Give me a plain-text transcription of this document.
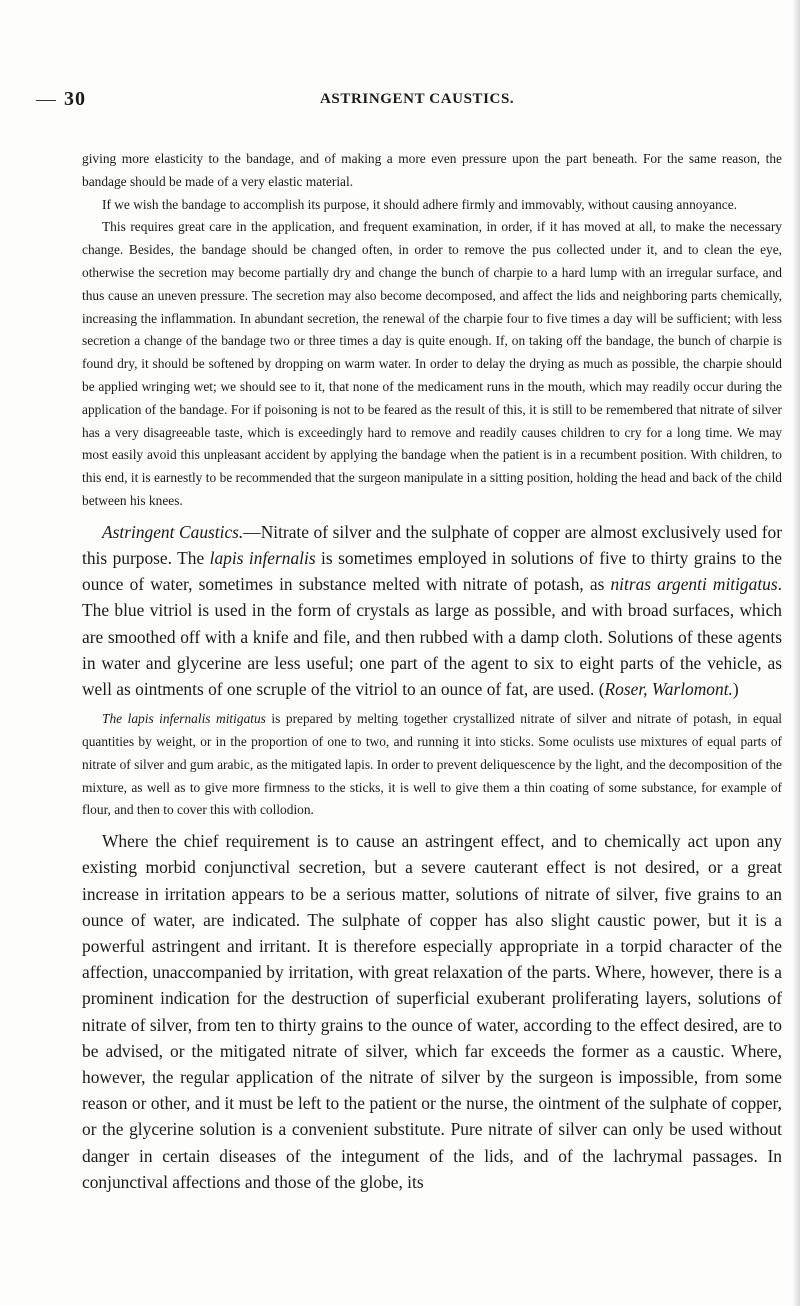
30	ASTRINGENT CAUSTICS.

giving more elasticity to the bandage, and of making a more even pressure upon the part beneath. For the same reason, the bandage should be made of a very elastic material.

If we wish the bandage to accomplish its purpose, it should adhere firmly and immovably, without causing annoyance.

This requires great care in the application, and frequent examination, in order, if it has moved at all, to make the necessary change. Besides, the bandage should be changed often, in order to remove the pus collected under it, and to clean the eye, otherwise the secretion may become partially dry and change the bunch of charpie to a hard lump with an irregular surface, and thus cause an uneven pressure. The secretion may also become decomposed, and affect the lids and neighboring parts chemically, increasing the inflammation. In abundant secretion, the renewal of the charpie four to five times a day will be sufficient; with less secretion a change of the bandage two or three times a day is quite enough. If, on taking off the bandage, the bunch of charpie is found dry, it should be softened by dropping on warm water. In order to delay the drying as much as possible, the charpie should be applied wringing wet; we should see to it, that none of the medicament runs in the mouth, which may readily occur during the application of the bandage. For if poisoning is not to be feared as the result of this, it is still to be remembered that nitrate of silver has a very disagreeable taste, which is exceedingly hard to remove and readily causes children to cry for a long time. We may most easily avoid this unpleasant accident by applying the bandage when the patient is in a recumbent position. With children, to this end, it is earnestly to be recommended that the surgeon manipulate in a sitting position, holding the head and back of the child between his knees.

Astringent Caustics.—Nitrate of silver and the sulphate of copper are almost exclusively used for this purpose. The lapis infernalis is sometimes employed in solutions of five to thirty grains to the ounce of water, sometimes in substance melted with nitrate of potash, as nitras argenti mitigatus. The blue vitriol is used in the form of crystals as large as possible, and with broad surfaces, which are smoothed off with a knife and file, and then rubbed with a damp cloth. Solutions of these agents in water and glycerine are less useful; one part of the agent to six to eight parts of the vehicle, as well as ointments of one scruple of the vitriol to an ounce of fat, are used. (Roser, Warlomont.)

The lapis infernalis mitigatus is prepared by melting together crystallized nitrate of silver and nitrate of potash, in equal quantities by weight, or in the proportion of one to two, and running it into sticks. Some oculists use mixtures of equal parts of nitrate of silver and gum arabic, as the mitigated lapis. In order to prevent deliquescence by the light, and the decomposition of the mixture, as well as to give more firmness to the sticks, it is well to give them a thin coating of some substance, for example of flour, and then to cover this with collodion.

Where the chief requirement is to cause an astringent effect, and to chemically act upon any existing morbid conjunctival secretion, but a severe cauterant effect is not desired, or a great increase in irritation appears to be a serious matter, solutions of nitrate of silver, five grains to an ounce of water, are indicated. The sulphate of copper has also slight caustic power, but it is a powerful astringent and irritant. It is therefore especially appropriate in a torpid character of the affection, unaccompanied by irritation, with great relaxation of the parts. Where, however, there is a prominent indication for the destruction of superficial exuberant proliferating layers, solutions of nitrate of silver, from ten to thirty grains to the ounce of water, according to the effect desired, are to be advised, or the mitigated nitrate of silver, which far exceeds the former as a caustic. Where, however, the regular application of the nitrate of silver by the surgeon is impossible, from some reason or other, and it must be left to the patient or the nurse, the ointment of the sulphate of copper, or the glycerine solution is a convenient substitute. Pure nitrate of silver can only be used without danger in certain diseases of the integument of the lids, and of the lachrymal passages. In conjunctival affections and those of the globe, its
